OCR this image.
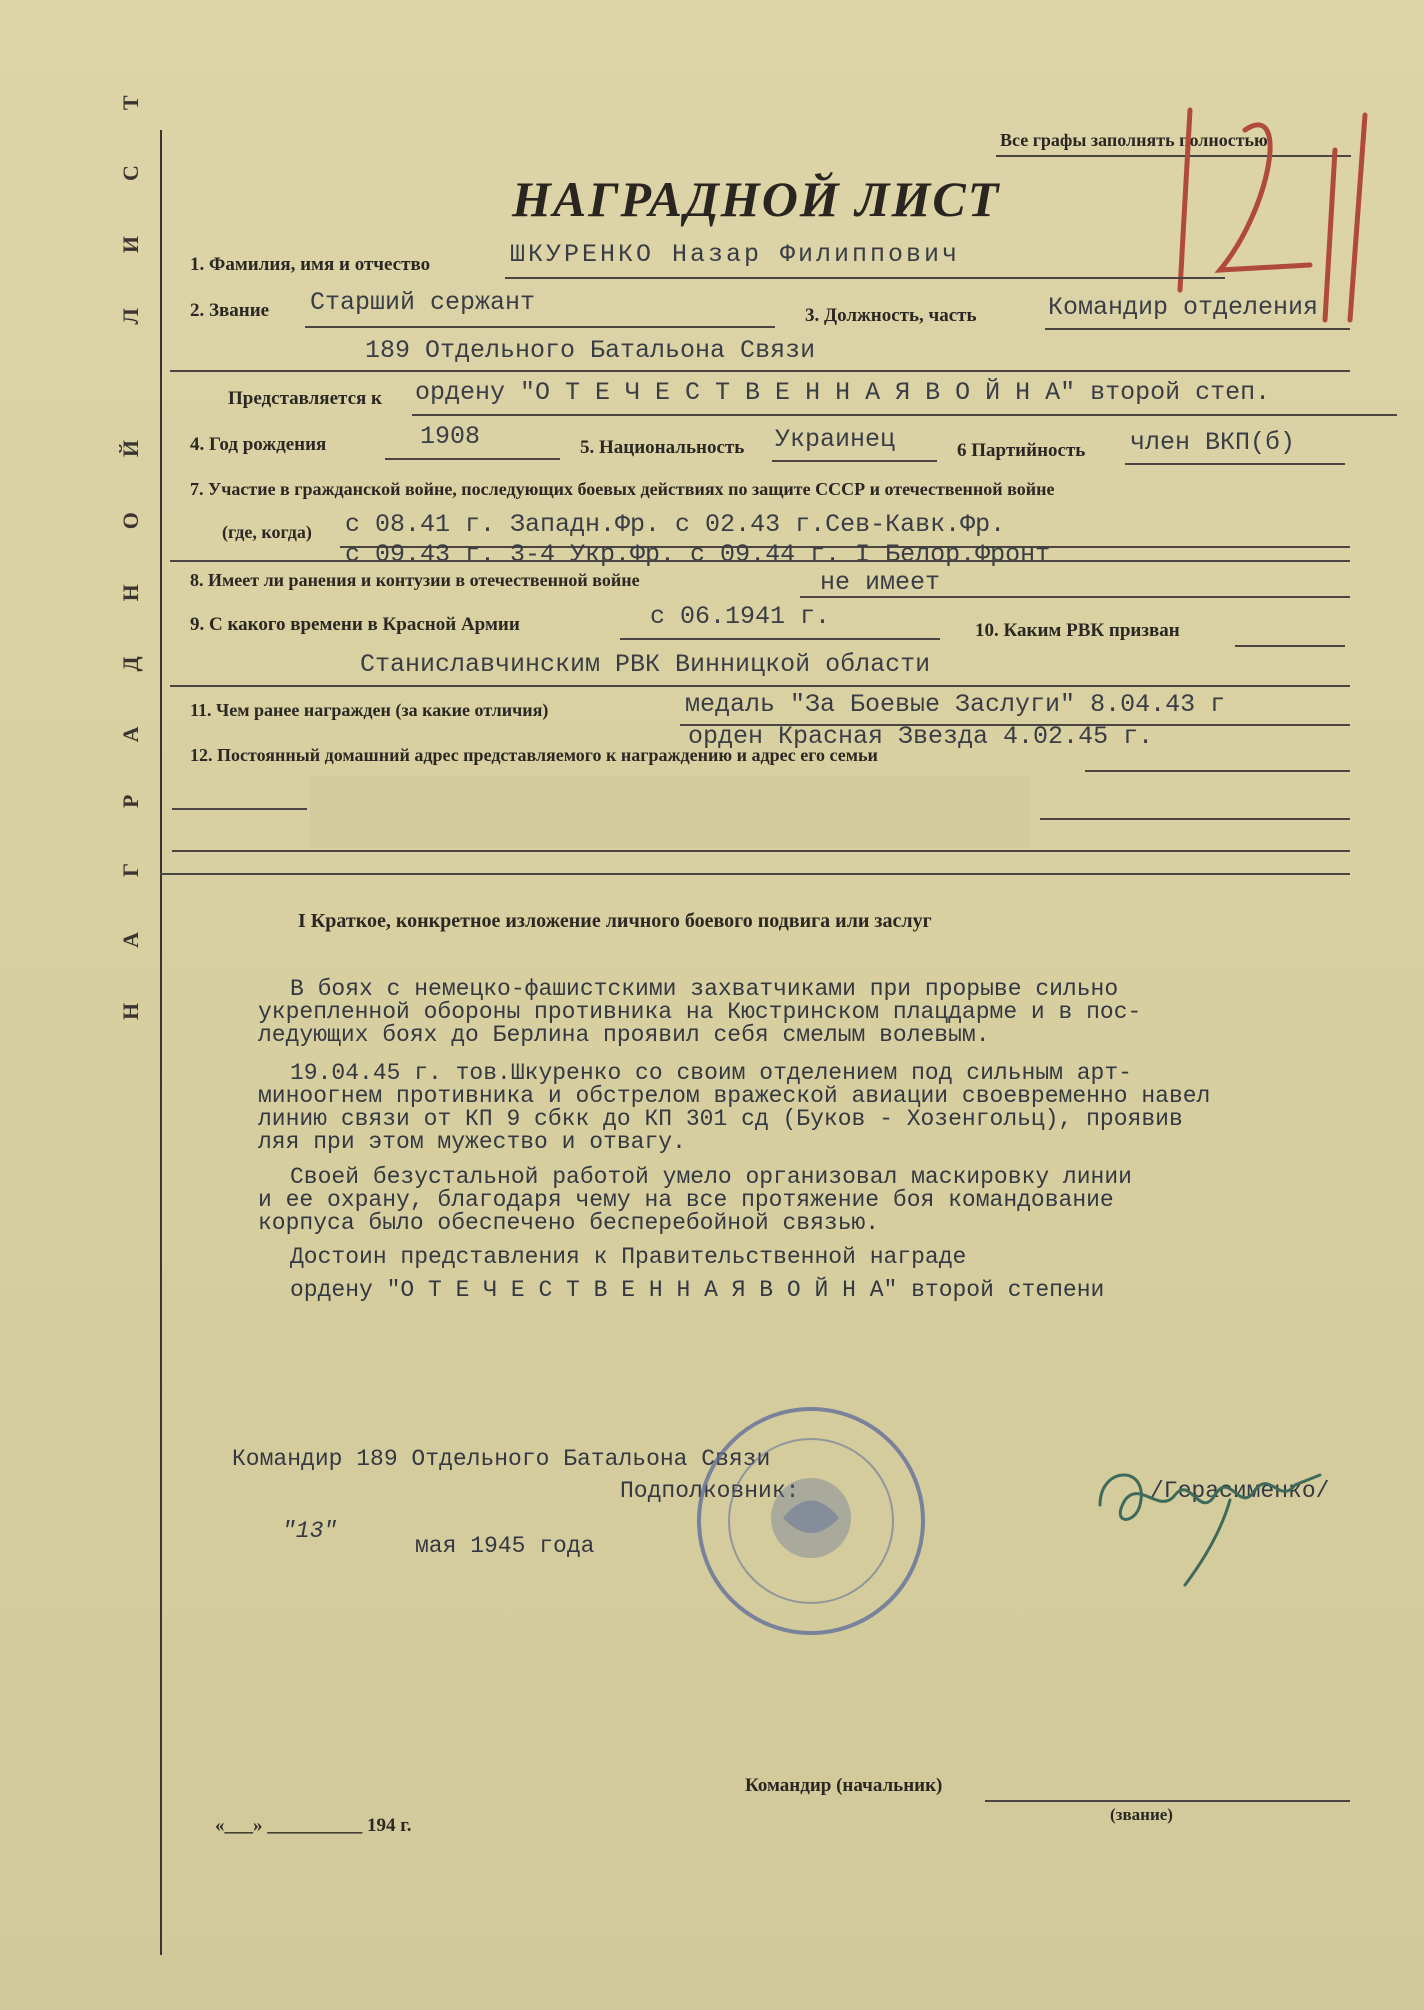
НАГРАДНОЙ ЛИСТ	Все графы заполнять полностью
НАГРАДНОЙ ЛИСТ
1. Фамилия, имя и отчество	ШКУРЕНКО Назар Филиппович
2. Звание Старший сержант	3. Должность, часть	Командир отделения
189 Отдельного Батальона Связи
Представляется к ордену "О Т Е Ч Е С Т В Е Н Н А Я В О Й Н А" второй степ.
4. Год рождения	1908	5. Национальность Украинец	6 Партийность член ВКП(б)
7. Участие в гражданской войне, последующих боевых действиях по защите СССР и отечественной войне
(где, когда) с 08.41 г. Западн.Фр. с 02.43 г.Сев-Кавк.Фр.
с 09.43 г. 3-4 Укр.Фр. с 09.44 г. I Белор.Фронт
8. Имеет ли ранения и контузии в отечественной войне	не имеет
9. С какого времени в Красной Армии	с 06.1941 г.	10. Каким РВК призван
Станиславчинским РВК Винницкой области
11. Чем ранее награжден (за какие отличия)	медаль "За Боевые Заслуги" 8.04.43 г
орден Красная Звезда 4.02.45 г.
12. Постоянный домашний адрес представляемого к награждению и адрес его семьи
I Краткое, конкретное изложение личного боевого подвига или заслуг
В боях с немецко-фашистскими захватчиками при прорыве сильно
укрепленной обороны противника на Кюстринском плацдарме и в пос-
ледующих боях до Берлина проявил себя смелым волевым.
19.04.45 г. тов.Шкуренко со своим отделением под сильным арт-
миноогнем противника и обстрелом вражеской авиации своевременно навел
линию связи от КП 9 сбкк до КП 301 сд (Буков - Хозенгольц), проявив
ляя при этом мужество и отвагу.
Своей безустальной работой умело организовал маскировку линии
и ее охрану, благодаря чему на все протяжение боя командование
корпуса было обеспечено бесперебойной связью.
Достоин представления к Правительственной награде
ордену "О Т Е Ч Е С Т В Е Н Н А Я В О Й Н А" второй степени
Командир 189 Отдельного Батальона Связи
Подполковник:	/Герасименко/
"13"
мая 1945 года
Командир (начальник)
(звание)
«___» __________ 194 г.
